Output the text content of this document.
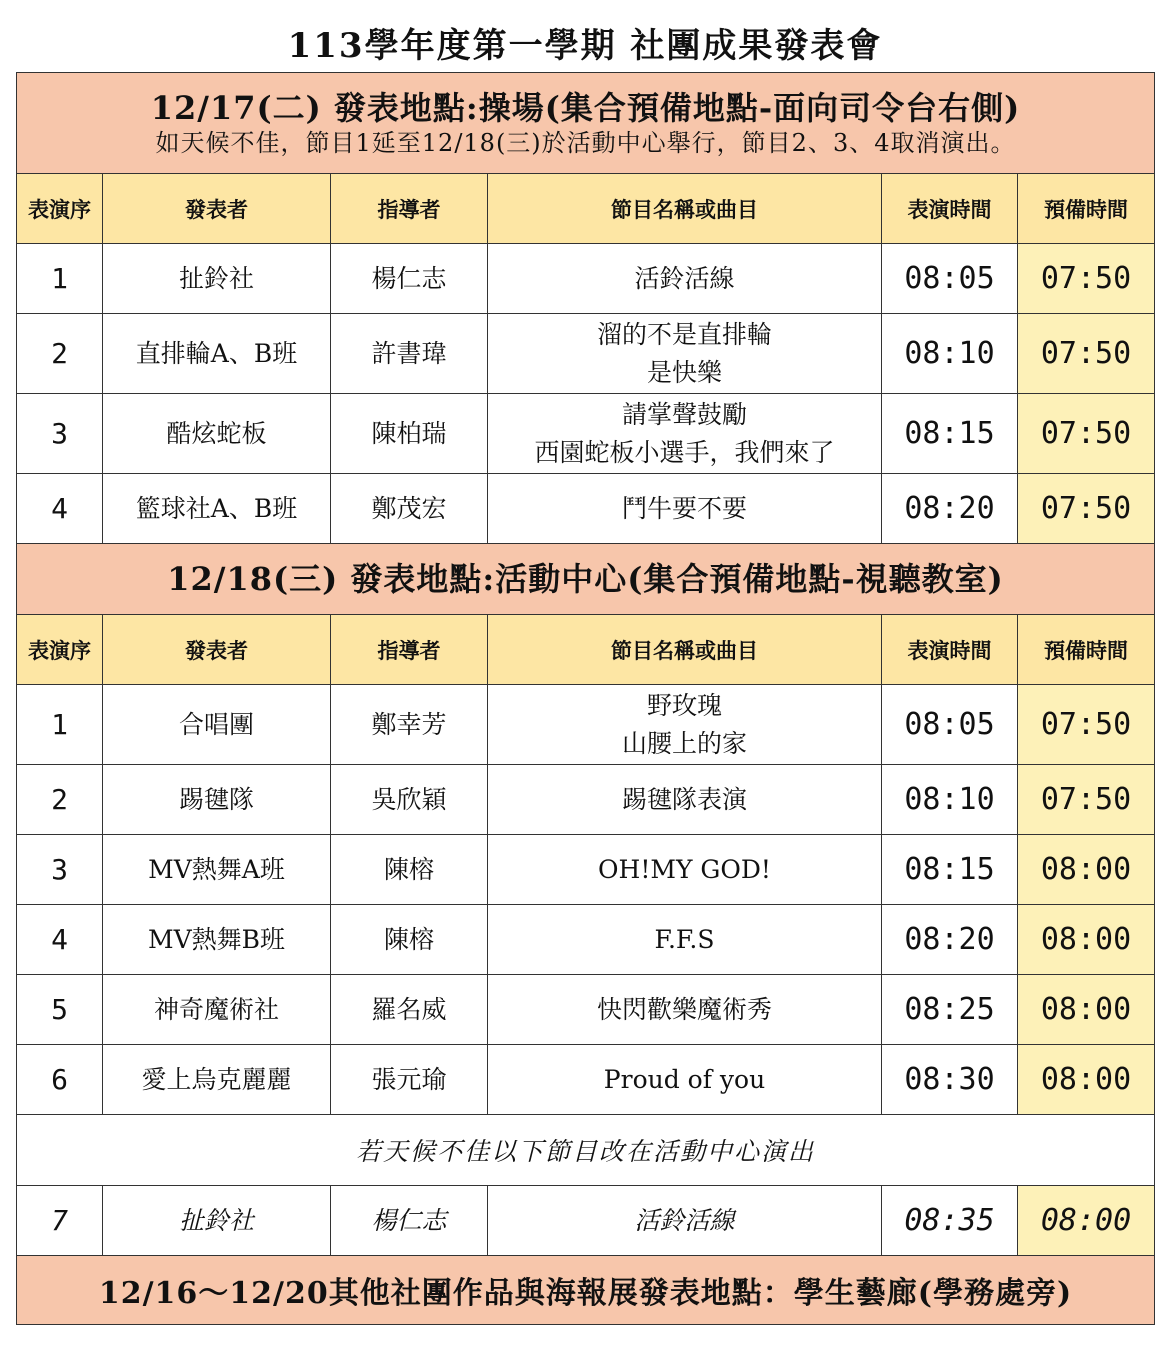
113學年度第一學期 社團成果發表會
12/17(二) 發表地點:操場(集合預備地點-面向司令台右側)
如天候不佳，節目1延至12/18(三)於活動中心舉行，節目2、3、4取消演出。					

表演序	發表者	指導者	節目名稱或曲目	表演時間	預備時間
1	扯鈴社	楊仁志	活鈴活線	08:05	07:50
2	直排輪A、B班	許書瑋	溜的不是直排輪
是快樂	08:10	07:50
3	酷炫蛇板	陳柏瑞	請掌聲鼓勵
西園蛇板小選手，我們來了	08:15	07:50
4	籃球社A、B班	鄭茂宏	鬥牛要不要	08:20	07:50

12/18(三) 發表地點:活動中心(集合預備地點-視聽教室)					

表演序	發表者	指導者	節目名稱或曲目	表演時間	預備時間
1	合唱團	鄭幸芳	野玫瑰
山腰上的家	08:05	07:50
2	踢毽隊	吳欣穎	踢毽隊表演	08:10	07:50
3	MV熱舞A班	陳榕	OH!MY GOD!	08:15	08:00
4	MV熱舞B班	陳榕	F.F.S	08:20	08:00
5	神奇魔術社	羅名威	快閃歡樂魔術秀	08:25	08:00
6	愛上烏克麗麗	張元瑜	Proud of you	08:30	08:00
若天候不佳以下節目改在活動中心演出					
7	扯鈴社	楊仁志	活鈴活線	08:35	08:00
12/16～12/20其他社團作品與海報展發表地點：學生藝廊(學務處旁)					
